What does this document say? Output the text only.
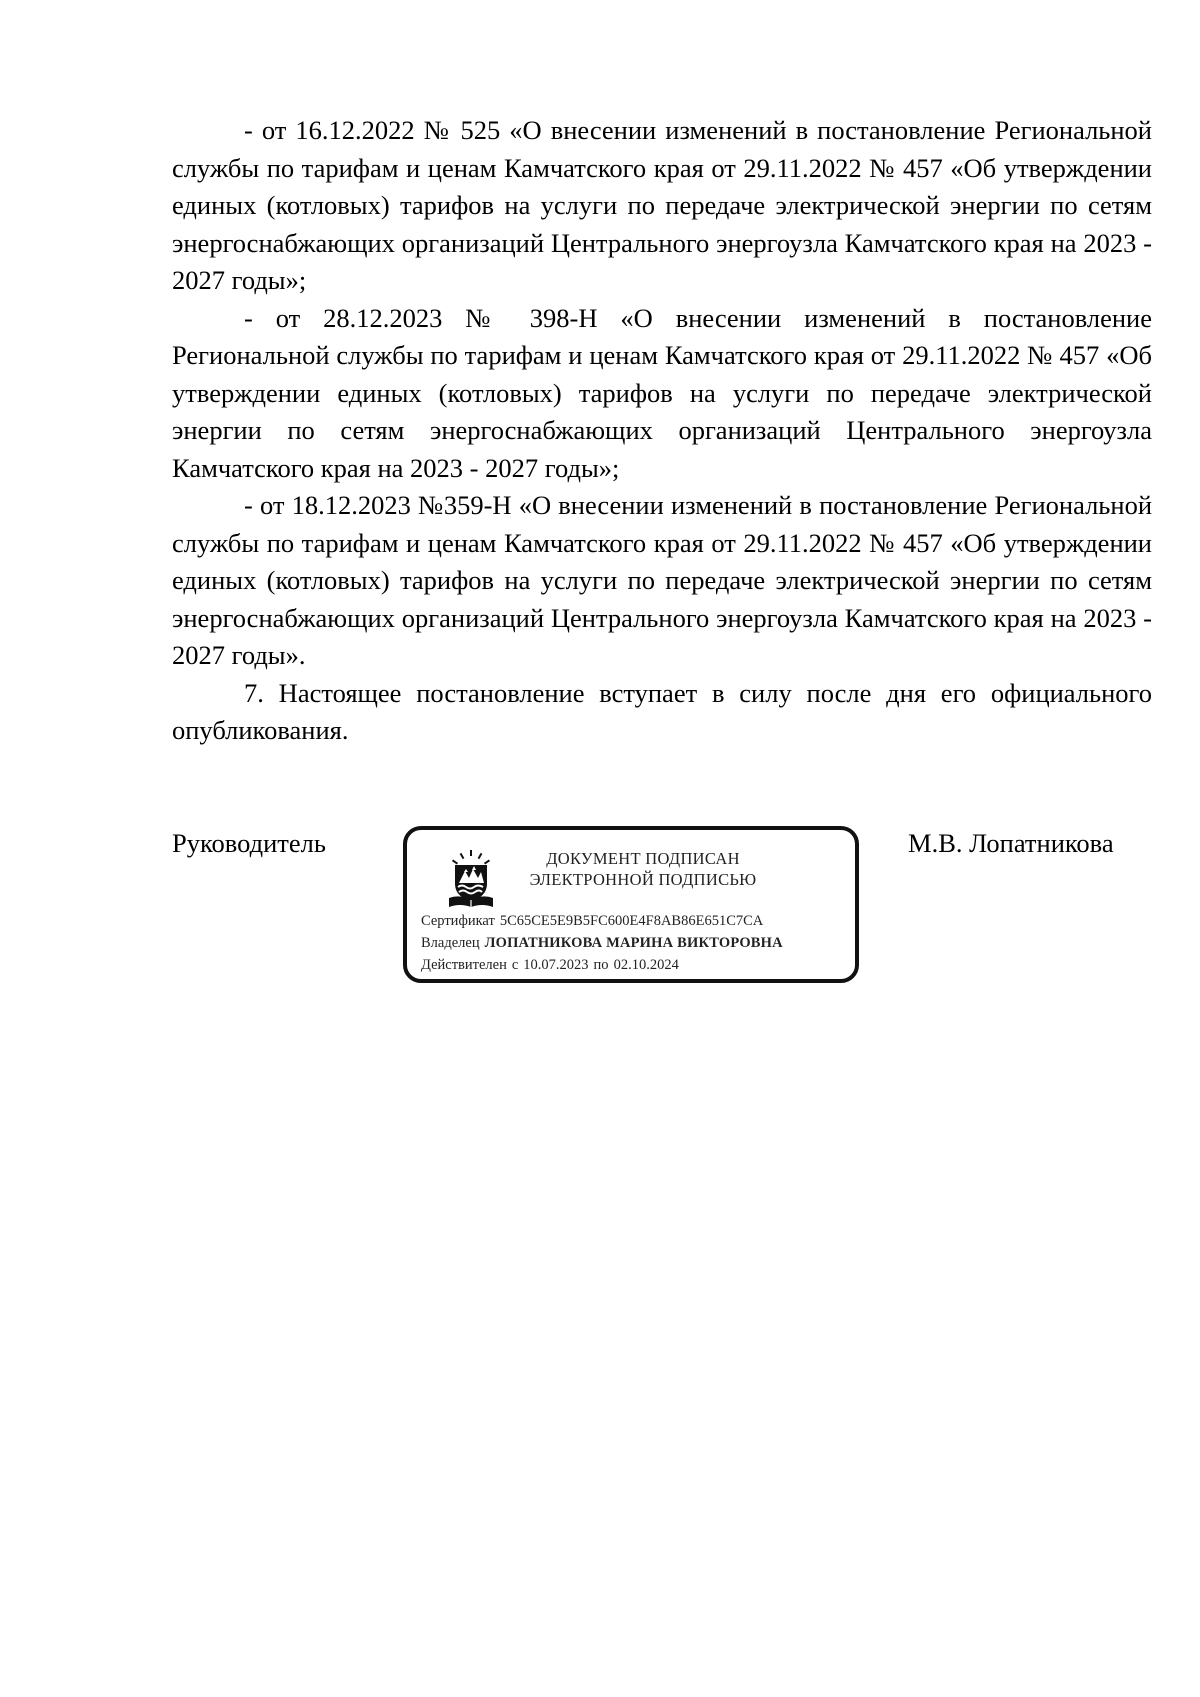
- от 16.12.2022 № 525 «О внесении изменений в постановление Региональной службы по тарифам и ценам Камчатского края от 29.11.2022 № 457 «Об утверждении единых (котловых) тарифов на услуги по передаче электрической энергии по сетям энергоснабжающих организаций Центрального энергоузла Камчатского края на 2023 - 2027 годы»;

- от 28.12.2023 № 398-Н «О внесении изменений в постановление Региональной службы по тарифам и ценам Камчатского края от 29.11.2022 № 457 «Об утверждении единых (котловых) тарифов на услуги по передаче электрической энергии по сетям энергоснабжающих организаций Центрального энергоузла Камчатского края на 2023 - 2027 годы»;

- от 18.12.2023 №359-Н «О внесении изменений в постановление Региональной службы по тарифам и ценам Камчатского края от 29.11.2022 № 457 «Об утверждении единых (котловых) тарифов на услуги по передаче электрической энергии по сетям энергоснабжающих организаций Центрального энергоузла Камчатского края на 2023 - 2027 годы».

7. Настоящее постановление вступает в силу после дня его официального опубликования.

Руководитель
ДОКУМЕНТ ПОДПИСАН
ЭЛЕКТРОННОЙ ПОДПИСЬЮ
Сертификат 5C65CE5E9B5FC600E4F8AB86E651C7CA
Владелец ЛОПАТНИКОВА МАРИНА ВИКТОРОВНА
Действителен с 10.07.2023 по 02.10.2024
М.В. Лопатникова
